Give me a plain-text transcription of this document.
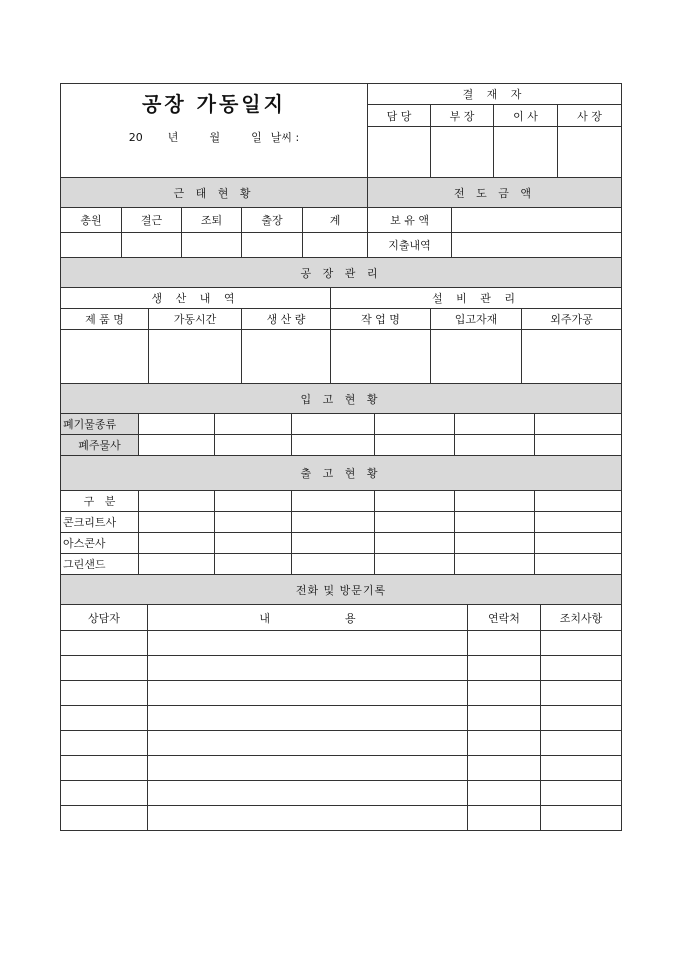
공장 가동일지
20 년 월 일 날씨 :	결 재 자			
	담 당	부 장	이 사	사 장

근 태 현 황					전 도 금 액	
총원	결근	조퇴	출장	계	보 유 액	
					지출내역	
공 장 관 리					
생 산 내 역			설 비 관 리		
제 품 명	가동시간	생 산 량	작 업 명	입고자재	외주가공

입 고 현 황						
폐기물종류						
폐주물사						
출 고 현 황						
구   분						
콘크리트사						
아스콘사						
그린샌드						
전화 및 방문기록			
상담자	내 용	연락처	조치사항
